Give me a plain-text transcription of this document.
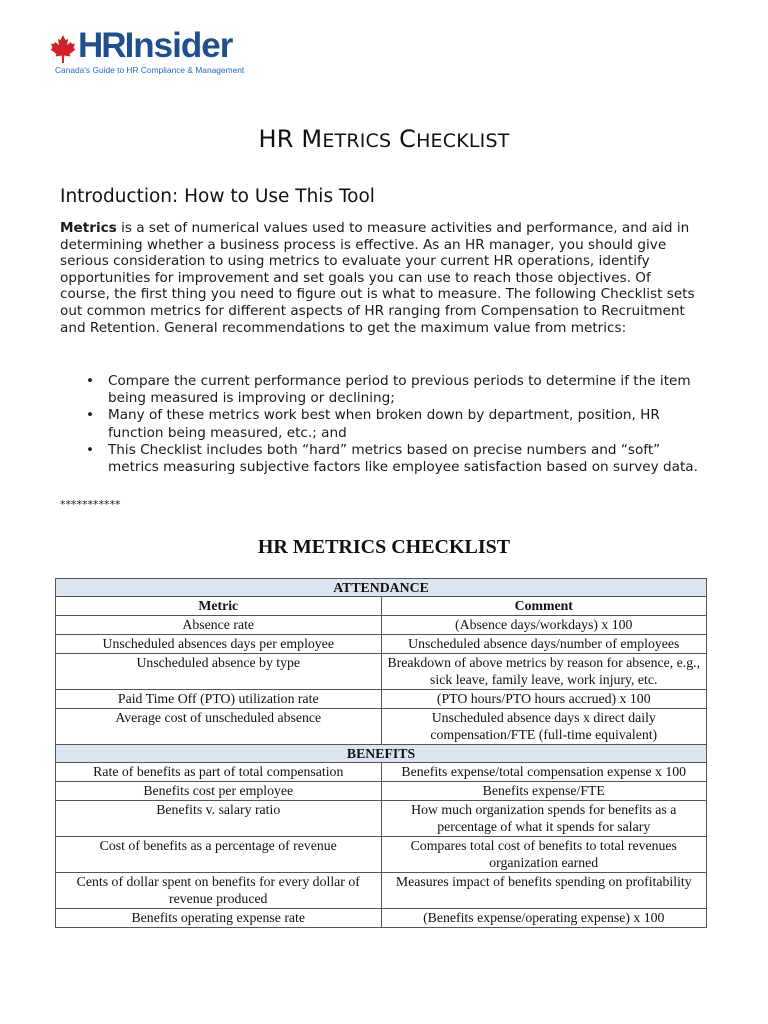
HR Insider
Canada's Guide to HR Compliance & Management
HR METRICS CHECKLIST
Introduction: How to Use This Tool

Metrics is a set of numerical values used to measure activities and performance, and aid in determining whether a business process is effective. As an HR manager, you should give serious consideration to using metrics to evaluate your current HR operations, identify opportunities for improvement and set goals you can use to reach those objectives. Of course, the first thing you need to figure out is what to measure. The following Checklist sets out common metrics for different aspects of HR ranging from Compensation to Recruitment and Retention. General recommendations to get the maximum value from metrics:

• Compare the current performance period to previous periods to determine if the item being measured is improving or declining;
• Many of these metrics work best when broken down by department, position, HR function being measured, etc.; and
• This Checklist includes both “hard” metrics based on precise numbers and “soft” metrics measuring subjective factors like employee satisfaction based on survey data.
***********
HR METRICS CHECKLIST
ATTENDANCE	
Metric	Comment
Absence rate	(Absence days/workdays) x 100
Unscheduled absences days per employee	Unscheduled absence days/number of employees
Unscheduled absence by type	Breakdown of above metrics by reason for absence, e.g., sick leave, family leave, work injury, etc.
Paid Time Off (PTO) utilization rate	(PTO hours/PTO hours accrued) x 100
Average cost of unscheduled absence	Unscheduled absence days x direct daily compensation/FTE (full-time equivalent)
BENEFITS	
Rate of benefits as part of total compensation	Benefits expense/total compensation expense x 100
Benefits cost per employee	Benefits expense/FTE
Benefits v. salary ratio	How much organization spends for benefits as a percentage of what it spends for salary
Cost of benefits as a percentage of revenue	Compares total cost of benefits to total revenues organization earned
Cents of dollar spent on benefits for every dollar of revenue produced	Measures impact of benefits spending on profitability
Benefits operating expense rate	(Benefits expense/operating expense) x 100
